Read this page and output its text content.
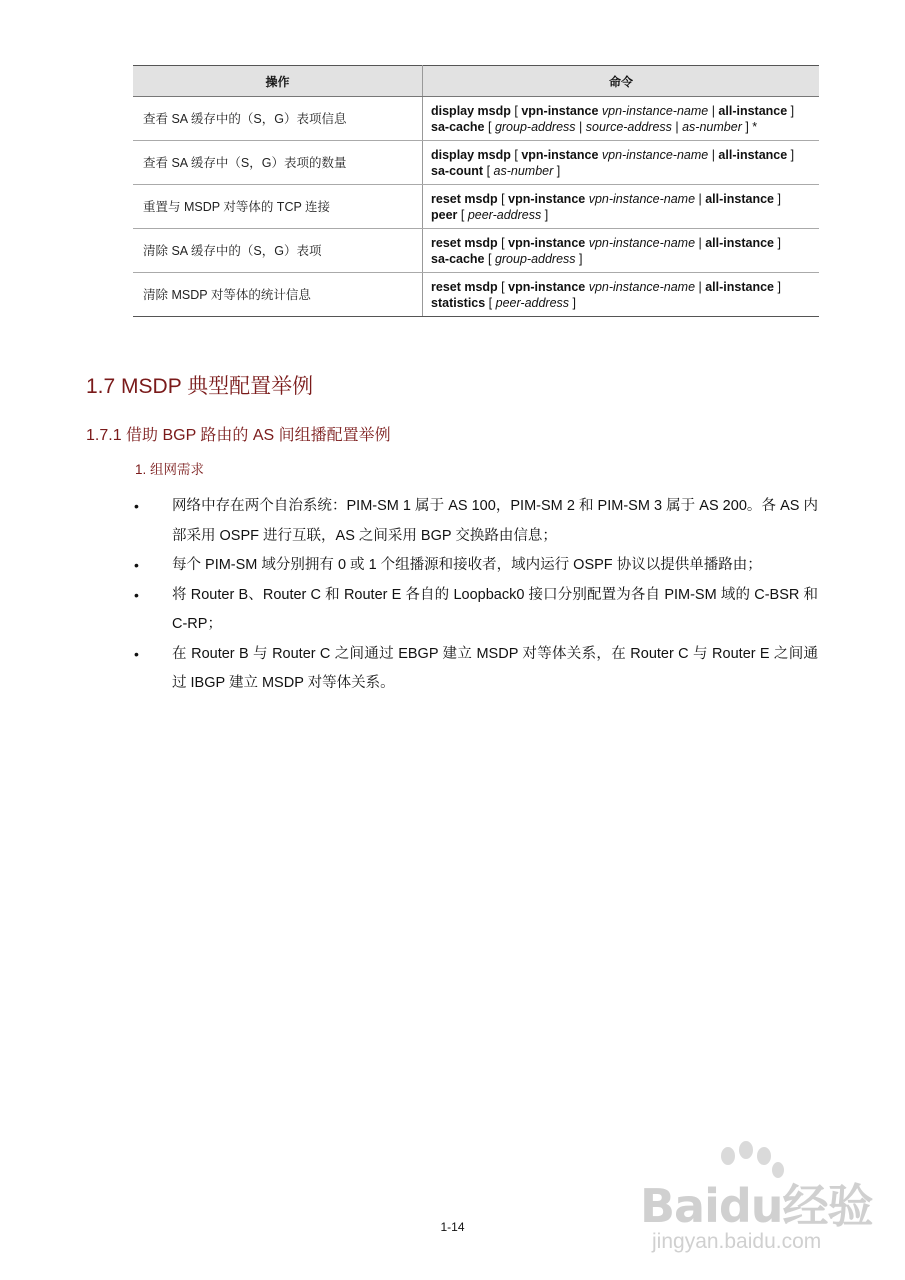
操作	命令
查看 SA 缓存中的（S，G）表项信息	display msdp [ vpn-instance vpn-instance-name | all-instance ]
sa-cache [ group-address | source-address | as-number ] *
查看 SA 缓存中（S，G）表项的数量	display msdp [ vpn-instance vpn-instance-name | all-instance ]
sa-count [ as-number ]
重置与 MSDP 对等体的 TCP 连接	reset msdp [ vpn-instance vpn-instance-name | all-instance ]
peer [ peer-address ]
清除 SA 缓存中的（S，G）表项	reset msdp [ vpn-instance vpn-instance-name | all-instance ]
sa-cache [ group-address ]
清除 MSDP 对等体的统计信息	reset msdp [ vpn-instance vpn-instance-name | all-instance ]
statistics [ peer-address ]
1.7 MSDP 典型配置举例
1.7.1 借助 BGP 路由的 AS 间组播配置举例
1. 组网需求
• 网络中存在两个自治系统：PIM-SM 1 属于 AS 100，PIM-SM 2 和 PIM-SM 3 属于 AS 200。各 AS 内部采用 OSPF 进行互联，AS 之间采用 BGP 交换路由信息；
• 每个 PIM-SM 域分别拥有 0 或 1 个组播源和接收者，域内运行 OSPF 协议以提供单播路由；
• 将 Router B、Router C 和 Router E 各自的 Loopback0 接口分别配置为各自 PIM-SM 域的 C-BSR 和 C-RP；
• 在 Router B 与 Router C 之间通过 EBGP 建立 MSDP 对等体关系，在 Router C 与 Router E 之间通过 IBGP 建立 MSDP 对等体关系。
1-14	Baidu经验
jingyan.baidu.com
